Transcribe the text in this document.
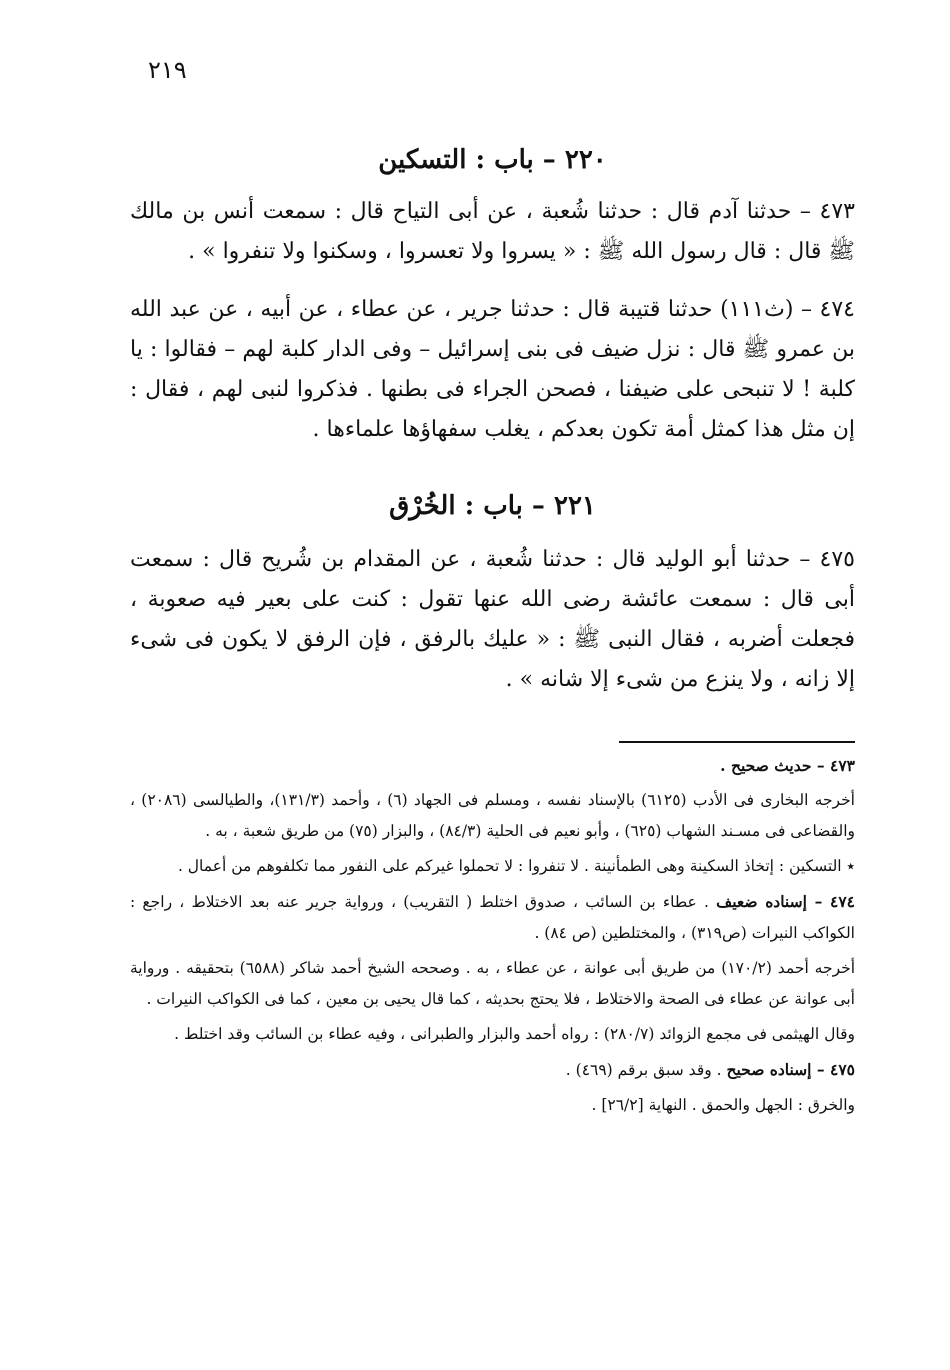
٢١٩
٢٢٠ – باب : التسكين

٤٧٣ – حدثنا آدم قال : حدثنا شُعبة ، عن أبى التياح قال : سمعت أنس بن مالك ﷺ قال : قال رسول الله ﷺ : « يسروا ولا تعسروا ، وسكنوا ولا تنفروا » .

٤٧٤ – (ث١١١) حدثنا قتيبة قال : حدثنا جرير ، عن عطاء ، عن أبيه ، عن عبد الله بن عمرو ﷺ قال : نزل ضيف فى بنى إسرائيل – وفى الدار كلبة لهم – فقالوا : يا كلبة ! لا تنبحى على ضيفنا ، فصحن الجراء فى بطنها . فذكروا لنبى لهم ، فقال : إن مثل هذا كمثل أمة تكون بعدكم ، يغلب سفهاؤها علماءها .

٢٢١ – باب : الخُرْق

٤٧٥ – حدثنا أبو الوليد قال : حدثنا شُعبة ، عن المقدام بن شُريح قال : سمعت أبى قال : سمعت عائشة رضى الله عنها تقول : كنت على بعير فيه صعوبة ، فجعلت أضربه ، فقال النبى ﷺ : « عليك بالرفق ، فإن الرفق لا يكون فى شىء إلا زانه ، ولا ينزع من شىء إلا شانه » .

٤٧٣ – حديث صحيح .

أخرجه البخارى فى الأدب (٦١٢٥) بالإسناد نفسه ، ومسلم فى الجهاد (٦) ، وأحمد (١٣١/٣)، والطيالسى (٢٠٨٦) ، والقضاعى فى مسـند الشهاب (٦٢٥) ، وأبو نعيم فى الحلية (٨٤/٣) ، والبزار (٧٥) من طريق شعبة ، به .

٭ التسكين : إتخاذ السكينة وهى الطمأنينة . لا تنفروا : لا تحملوا غيركم على النفور مما تكلفوهم من أعمال .

٤٧٤ – إسناده ضعيف . عطاء بن السائب ، صدوق اختلط ( التقريب) ، ورواية جرير عنه بعد الاختلاط ، راجع : الكواكب النيرات (ص٣١٩) ، والمختلطين (ص ٨٤) .

أخرجه أحمد (١٧٠/٢) من طريق أبى عوانة ، عن عطاء ، به . وصححه الشيخ أحمد شاكر (٦٥٨٨) بتحقيقه . ورواية أبى عوانة عن عطاء فى الصحة والاختلاط ، فلا يحتج بحديثه ، كما قال يحيى بن معين ، كما فى الكواكب النيرات .

وقال الهيثمى فى مجمع الزوائد (٢٨٠/٧) : رواه أحمد والبزار والطبرانى ، وفيه عطاء بن السائب وقد اختلط .

٤٧٥ – إسناده صحيح . وقد سبق برقم (٤٦٩) .

والخرق : الجهل والحمق . النهاية [٢٦/٢] .
